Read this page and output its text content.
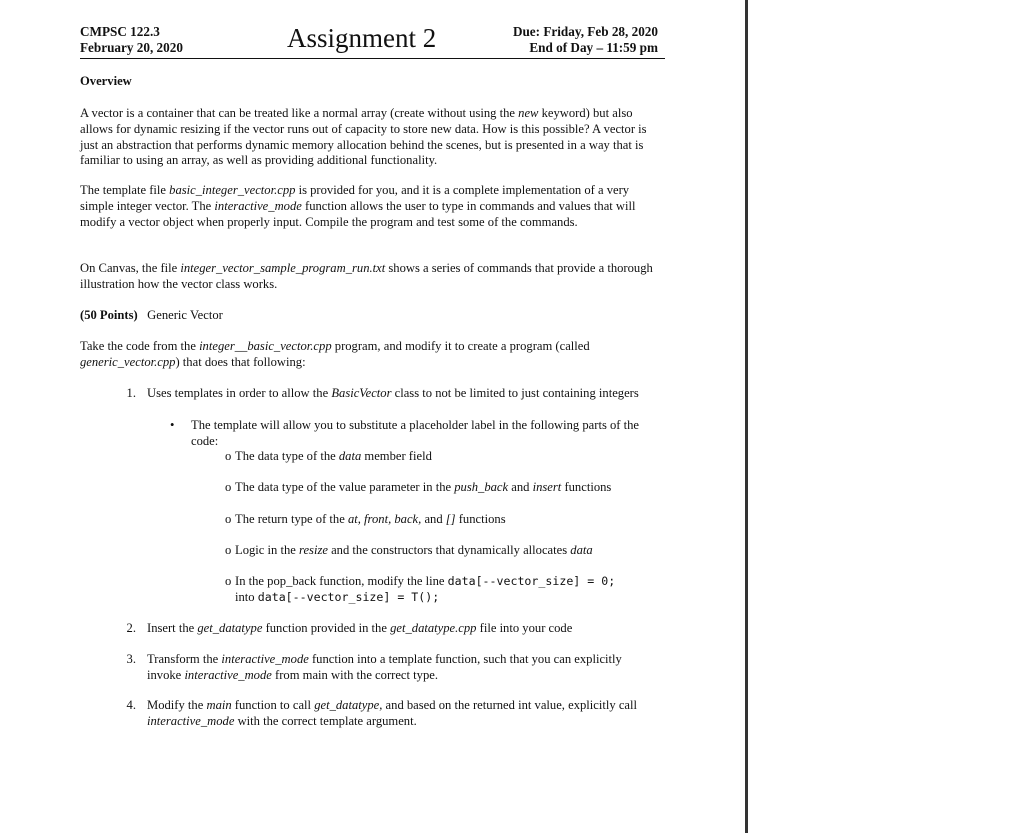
CMPSC 122.3
February 20, 2020	Assignment 2	Due: Friday, Feb 28, 2020

End of Day – 11:59 pm
Overview
A vector is a container that can be treated like a normal array (create without using the new keyword) but also allows for dynamic resizing if the vector runs out of capacity to store new data. How is this possible? A vector is just an abstraction that performs dynamic memory allocation behind the scenes, but is presented in a way that is familiar to using an array, as well as providing additional functionality.
The template file basic_integer_vector.cpp is provided for you, and it is a complete implementation of a very simple integer vector. The interactive_mode function allows the user to type in commands and values that will modify a vector object when properly input. Compile the program and test some of the commands.
On Canvas, the file integer_vector_sample_program_run.txt shows a series of commands that provide a thorough illustration how the vector class works.
(50 Points) Generic Vector
Take the code from the integer__basic_vector.cpp program, and modify it to create a program (called generic_vector.cpp) that does that following:
1. Uses templates in order to allow the BasicVector class to not be limited to just containing integers
• The template will allow you to substitute a placeholder label in the following parts of the code:
o The data type of the data member field
o The data type of the value parameter in the push_back and insert functions
o The return type of the at, front, back, and [] functions
o Logic in the resize and the constructors that dynamically allocates data
o In the pop_back function, modify the line data[--vector_size] = 0;
into data[--vector_size] = T();
2. Insert the get_datatype function provided in the get_datatype.cpp file into your code
3. Transform the interactive_mode function into a template function, such that you can explicitly invoke interactive_mode from main with the correct type.
4. Modify the main function to call get_datatype, and based on the returned int value, explicitly call interactive_mode with the correct template argument.
